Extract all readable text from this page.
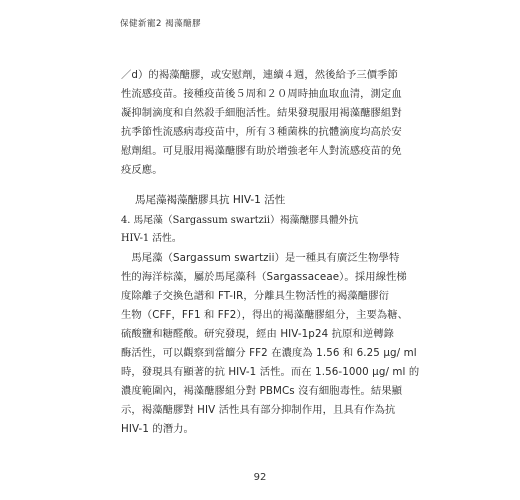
保健新寵2 褐藻醣膠
／d）的褐藻醣膠，或安慰劑，連續４週，然後給予三價季節
性流感疫苗。接種疫苗後５周和２０周時抽血取血清，測定血
凝抑制滴度和自然殺手細胞活性。結果發現服用褐藻醣膠組對
抗季節性流感病毒疫苗中，所有３種菌株的抗體滴度均高於安
慰劑組。可見服用褐藻醣膠有助於增強老年人對流感疫苗的免
疫反應。
馬尾藻褐藻醣膠具抗 HIV-1 活性
4. 馬尾藻（Sargassum swartzii）褐藻醣膠具體外抗
HIV-1 活性。
　馬尾藻（Sargassum swartzii）是一種具有廣泛生物學特
性的海洋棕藻，屬於馬尾藻科（Sargassaceae）。採用線性梯
度除離子交換色譜和 FT-IR，分離具生物活性的褐藻醣膠衍
生物（CFF，FF1 和 FF2），得出的褐藻醣膠組分，主要為糖、
硫酸鹽和糖醛酸。研究發現，經由 HIV-1p24 抗原和逆轉錄
酶活性，可以觀察到當餾分 FF2 在濃度為 1.56 和 6.25 μg/ ml
時，發現具有顯著的抗 HIV-1 活性。而在 1.56-1000 μg/ ml 的
濃度範圍內，褐藻醣膠組分對 PBMCs 沒有細胞毒性。結果顯
示，褐藻醣膠對 HIV 活性具有部分抑制作用，且具有作為抗
HIV-1 的潛力。
92
